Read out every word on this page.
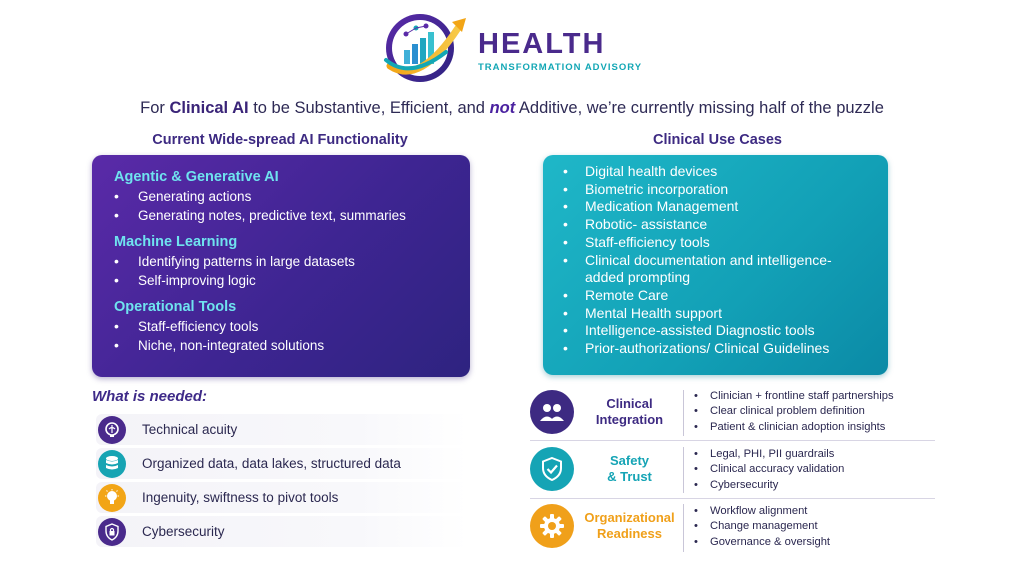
HEALTH
TRANSFORMATION ADVISORY
For Clinical AI to be Substantive, Efficient, and not Additive, we’re currently missing half of the puzzle
Current Wide-spread AI Functionality	Clinical Use Cases
Agentic & Generative AI
•	Generating actions
•	Generating notes, predictive text, summaries
Machine Learning
•	Identifying patterns in large datasets
•	Self-improving logic
Operational Tools
•	Staff-efficiency tools
•	Niche, non-integrated solutions
•	Digital health devices
•	Biometric incorporation
•	Medication Management
•	Robotic- assistance
•	Staff-efficiency tools
•	Clinical documentation and intelligence-
added prompting
•	Remote Care
•	Mental Health support
•	Intelligence-assisted Diagnostic tools
•	Prior-authorizations/ Clinical Guidelines
What is needed:
Technical acuity
Organized data, data lakes, structured data
Ingenuity, swiftness to pivot tools
Cybersecurity
Clinical
Integration
•	Clinician + frontline staff partnerships
•	Clear clinical problem definition
•	Patient & clinician adoption insights
Safety
& Trust
•	Legal, PHI, PII guardrails
•	Clinical accuracy validation
•	Cybersecurity
Organizational
Readiness
•	Workflow alignment
•	Change management
•	Governance & oversight
